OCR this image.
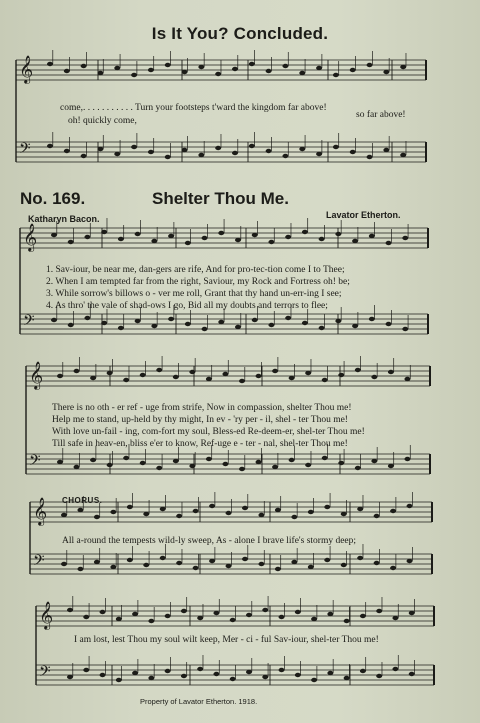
𝄞
𝄢
𝄞
𝄢
𝄞
𝄢
𝄞
𝄢
𝄞
𝄢
Is It You? Concluded.
come,. . . . . . . . . . . Turn your footsteps t'ward the kingdom far above!
oh! quickly come,
so far above!
No. 169.	Shelter Thou Me.
Katharyn Bacon.	Lavator Etherton.
1. Sav-iour, be near me, dan-gers are rife, And for pro-tec-tion come I to Thee;
2. When I am tempted far from the right, Saviour, my Rock and Fortress oh! be;
3. While sorrow's billows o - ver me roll, Grant that thy hand un-err-ing I see;
4. As thro' the vale of shad-ows I go, Bid all my doubts and terrors to flee;
There is no oth - er ref - uge from strife, Now in compassion, shelter Thou me!
Help me to stand, up-held by thy might, In ev - 'ry per - il, shel - ter Thou me!
With love un-fail - ing, com-fort my soul, Bless-ed Re-deem-er, shel-ter Thou me!
Till safe in heav-en, bliss e'er to know, Ref-uge e - ter - nal, shel-ter Thou me!
CHORUS.
All a-round the tempests wild-ly sweep, As - alone I brave life's stormy deep;
I am lost, lest Thou my soul wilt keep, Mer - ci - ful Sav-iour, shel-ter Thou me!
Property of Lavator Etherton. 1918.
